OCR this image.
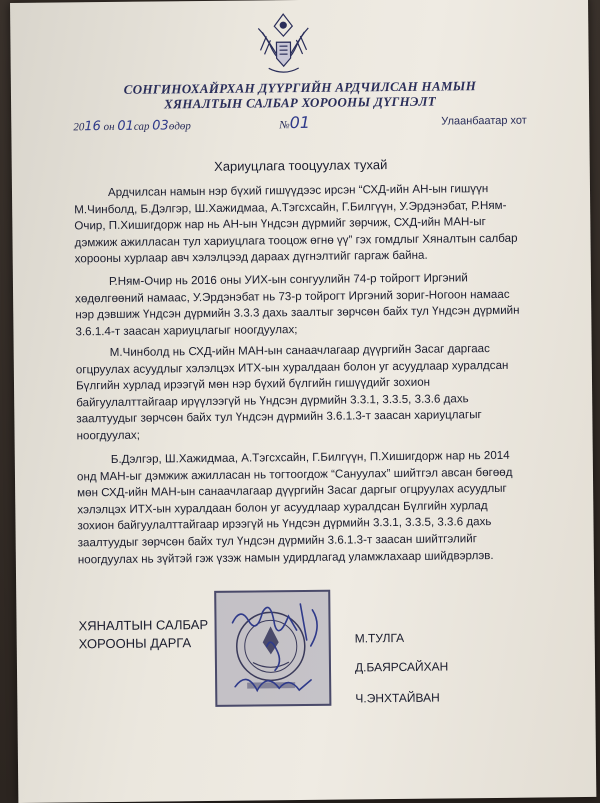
СОНГИНОХАЙРХАН ДҮҮРГИЙН АРДЧИЛСАН НАМЫН
ХЯНАЛТЫН САЛБАР ХОРООНЫ ДҮГНЭЛТ
2016 он 01сар 03өдөр	№01	Улаанбаатар хот
Хариуцлага тооцуулах тухай
Ардчилсан намын нэр бүхий гишүүдээс ирсэн “СХД-ийн АН-ын гишүүн
М.Чинболд, Б.Дэлгэр, Ш.Хажидмаа, А.Тэгсхсайн, Г.Билгүүн, У.Эрдэнэбат, Р.Ням-
Очир, П.Хишигдорж нар нь АН-ын Үндсэн дүрмийг зөрчиж, СХД-ийн МАН-ыг
дэмжиж ажилласан тул хариуцлага тооцож өгнө үү” гэх гомдлыг Хяналтын салбар
хорооны хурлаар авч хэлэлцээд дараах дүгнэлтийг гаргаж байна.
Р.Ням-Очир нь 2016 оны УИХ-ын сонгуулийн 74-р тойрогт Иргэний
хөдөлгөөний намаас, У.Эрдэнэбат нь 73-р тойрогт Иргэний зориг-Ногоон намаас
нэр дэвшиж Үндсэн дүрмийн 3.3.3 дахь заалтыг зөрчсөн байх тул Үндсэн дүрмийн
3.6.1.4-т заасан хариуцлагыг ноогдуулах;
М.Чинболд нь СХД-ийн МАН-ын санаачлагаар дүүргийн Засаг даргаас
огцруулах асуудлыг хэлэлцэх ИТХ-ын хуралдаан болон уг асуудлаар хуралдсан
Бүлгийн хурлад ирээгүй мөн нэр бүхий бүлгийн гишүүдийг зохион
байгуулалттайгаар ирүүлээгүй нь Үндсэн дүрмийн 3.3.1, 3.3.5, 3.3.6 дахь
заалтуудыг зөрчсөн байх тул Үндсэн дүрмийн 3.6.1.3-т заасан хариуцлагыг
ноогдуулах;
Б.Дэлгэр, Ш.Хажидмаа, А.Тэгсхсайн, Г.Билгүүн, П.Хишигдорж нар нь 2014
онд МАН-ыг дэмжиж ажилласан нь тогтоогдож “Сануулах” шийтгэл авсан бөгөөд
мөн СХД-ийн МАН-ын санаачлагаар дүүргийн Засаг даргыг огцруулах асуудлыг
хэлэлцэх ИТХ-ын хуралдаан болон уг асуудлаар хуралдсан Бүлгийн хурлад
зохион байгуулалттайгаар ирээгүй нь Үндсэн дүрмийн 3.3.1, 3.3.5, 3.3.6 дахь
заалтуудыг зөрчсөн байх тул Үндсэн дүрмийн 3.6.1.3-т заасан шийтгэлийг
ноогдуулах нь зүйтэй гэж үзэж намын удирдлагад уламжлахаар шийдвэрлэв.
ХЯНАЛТЫН САЛБАР
ХОРООНЫ ДАРГА	М.ТУЛГА
Д.БАЯРСАЙХАН
Ч.ЭНХТАЙВАН
